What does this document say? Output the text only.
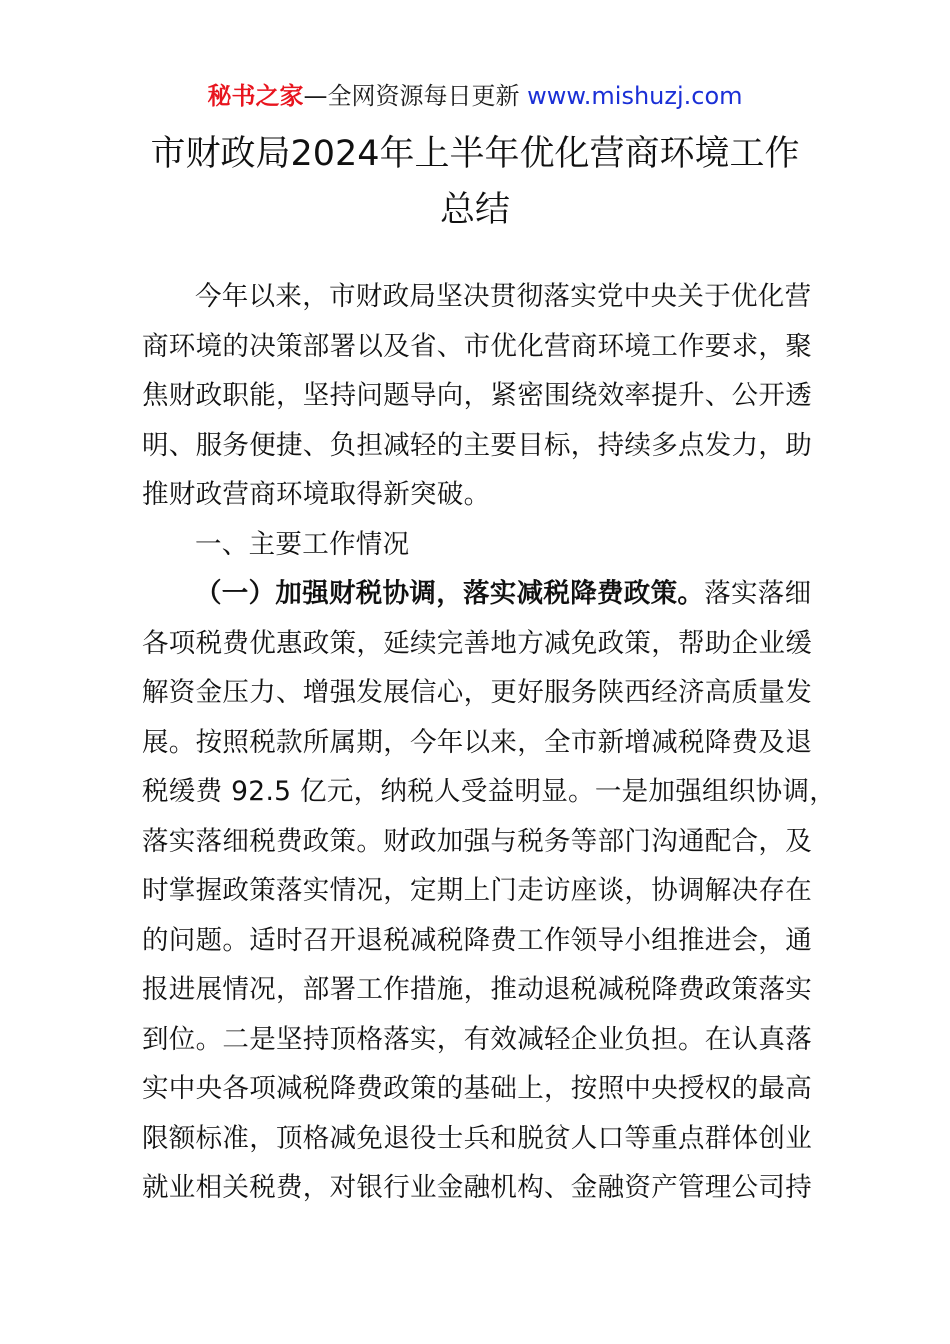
秘书之家—全网资源每日更新 www.mishuzj.com
市财政局2024年上半年优化营商环境工作
总结
今年以来，市财政局坚决贯彻落实党中央关于优化营
商环境的决策部署以及省、市优化营商环境工作要求，聚
焦财政职能，坚持问题导向，紧密围绕效率提升、公开透
明、服务便捷、负担减轻的主要目标，持续多点发力，助
推财政营商环境取得新突破。
一、主要工作情况
（一）加强财税协调，落实减税降费政策。落实落细
各项税费优惠政策，延续完善地方减免政策，帮助企业缓
解资金压力、增强发展信心，更好服务陕西经济高质量发
展。按照税款所属期，今年以来，全市新增减税降费及退
税缓费 92.5 亿元，纳税人受益明显。一是加强组织协调，
落实落细税费政策。财政加强与税务等部门沟通配合，及
时掌握政策落实情况，定期上门走访座谈，协调解决存在
的问题。适时召开退税减税降费工作领导小组推进会，通
报进展情况，部署工作措施，推动退税减税降费政策落实
到位。二是坚持顶格落实，有效减轻企业负担。在认真落
实中央各项减税降费政策的基础上，按照中央授权的最高
限额标准，顶格减免退役士兵和脱贫人口等重点群体创业
就业相关税费，对银行业金融机构、金融资产管理公司持
